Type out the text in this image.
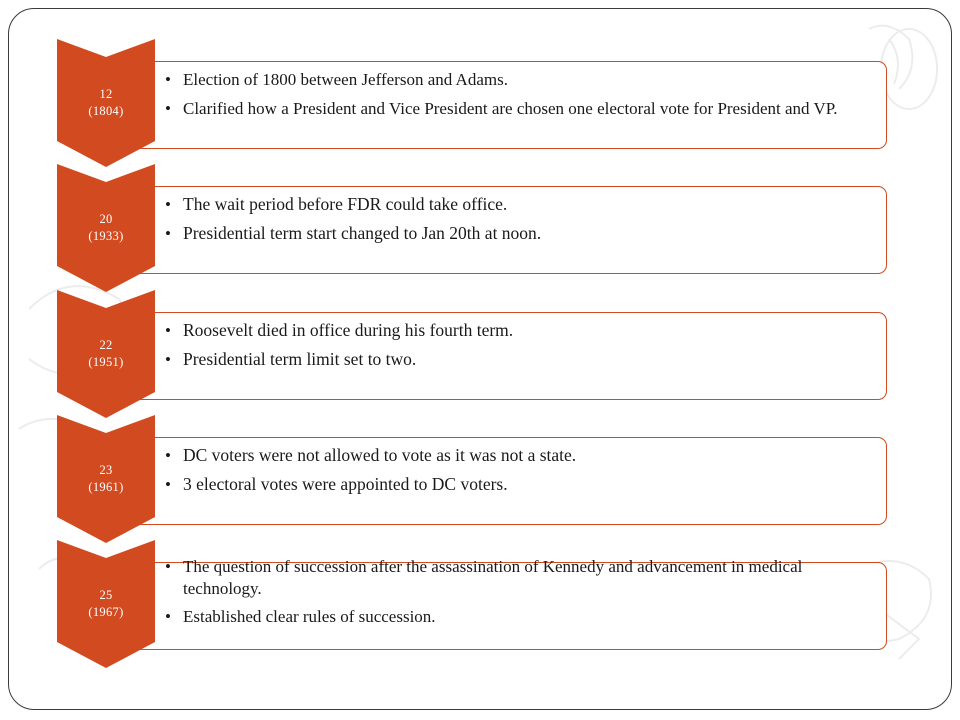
12
(1804)
• Election of 1800 between Jefferson and Adams.
• Clarified how a President and Vice President are chosen one electoral vote for President and VP.
20
(1933)
• The wait period before FDR could take office.
• Presidential term start changed to Jan 20th at noon.
22
(1951)
• Roosevelt died in office during his fourth term.
• Presidential term limit set to two.
23
(1961)
• DC voters were not allowed to vote as it was not a state.
• 3 electoral votes were appointed to DC voters.
25
(1967)
• The question of succession after the assassination of Kennedy and advancement in medical technology.
• Established clear rules of succession.
